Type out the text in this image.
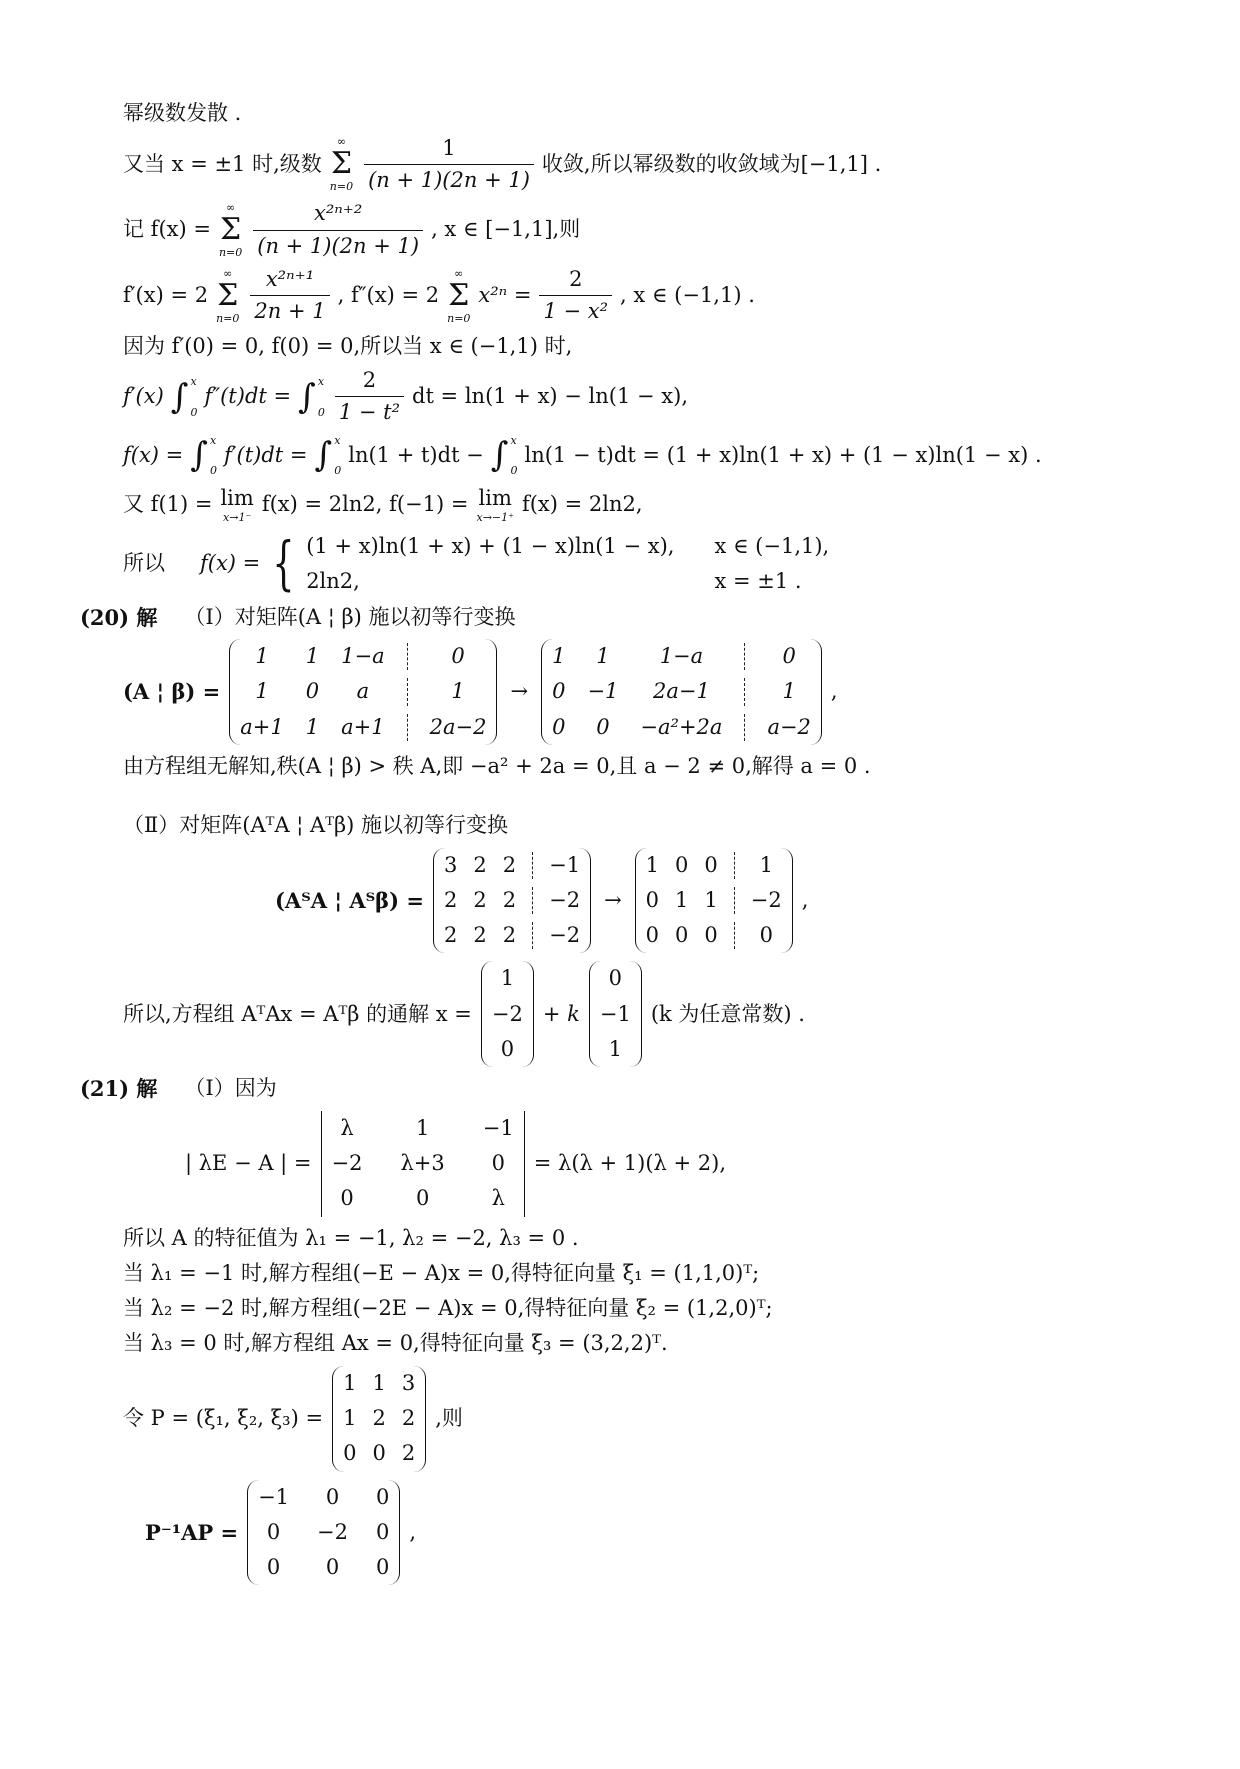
幂级数发散 .
又当 x = ±1 时,级数
∞
Σ
$n=0 \frac{1}{(n + 1)(2n + 1)}$ 收敛,所以幂级数的收敛域为[−1,1] .
记 f(x) =
∞
Σ
$n=0 \frac{\text{x²ⁿ⁺²}}{(n + 1)(2n + 1)}$ , x ∈ [−1,1],则
f′(x) = 2
∞
Σ
$n=0 \frac{\text{x²ⁿ⁺¹}}{2n + 1}$ , f″(x) = 2
∞
Σ
n=0
$x^{2n} = \frac{2}{\text{1 − x²}}$ , x ∈ (−1,1) .
因为 f′(0) = 0, f(0) = 0,所以当 x ∈ (−1,1) 时,
f′(x) ∫ x
0
f″(t)dt = ∫ x
$0 \frac{2}{\text{1 − t²}}$ dt = ln(1 + x) − ln(1 − x),
f(x) = ∫ x
0
f′(t)dt = ∫ x
0
ln(1 + t)dt − ∫ x
0
ln(1 − t)dt = (1 + x)ln(1 + x) + (1 − x)ln(1 − x) .
又 f(1) = lim
x→1⁻
f(x) = 2ln2, f(−1) = lim
x→−1⁺
f(x) = 2ln2,
所以 f(x) = { (1 + x)ln(1 + x) + (1 − x)ln(1 − x), x ∈ (−1,1),
2ln2,	x = ±1 .
(20) 解 （Ⅰ）对矩阵(A ¦ β) 施以初等行变换
(A ¦ β) =
1 1 1−a	0
1 0 a	1
a+1 1 a+1 2a−2
→
1 1 1−a	0
0 −1 2a−1	1
0 0 −a²+2a a−2
,
由方程组无解知,秩(A ¦ β) > 秩 A,即 −a² + 2a = 0,且 a − 2 ≠ 0,解得 a = 0 .
（Ⅱ）对矩阵(AᵀA ¦ Aᵀβ) 施以初等行变换
(AᵀA ¦ Aᵀβ) =
3 2 2 −1
2 2 2 −2
2 2 2 −2
→
1 0 0 1
0 1 1 −2
0 0 0 0
,
所以,方程组 AᵀAx = Aᵀβ 的通解 x =
1
−2
0
+ k
0
−1
1
(k 为任意常数) .
(21) 解 （Ⅰ）因为
| λE − A | =
λ	1	−1
−2 λ+3 0
0	0	λ
= λ(λ + 1)(λ + 2),
所以 A 的特征值为 λ₁ = −1, λ₂ = −2, λ₃ = 0 .
当 λ₁ = −1 时,解方程组(−E − A)x = 0,得特征向量 ξ₁ = (1,1,0)ᵀ;
当 λ₂ = −2 时,解方程组(−2E − A)x = 0,得特征向量 ξ₂ = (1,2,0)ᵀ;
当 λ₃ = 0 时,解方程组 Ax = 0,得特征向量 ξ₃ = (3,2,2)ᵀ.
令 P = (ξ₁, ξ₂, ξ₃) =
1 1 3
1 2 2
0 0 2
,则
P⁻¹AP =
−1 0 0
0 −2 0
0 0 0
,
